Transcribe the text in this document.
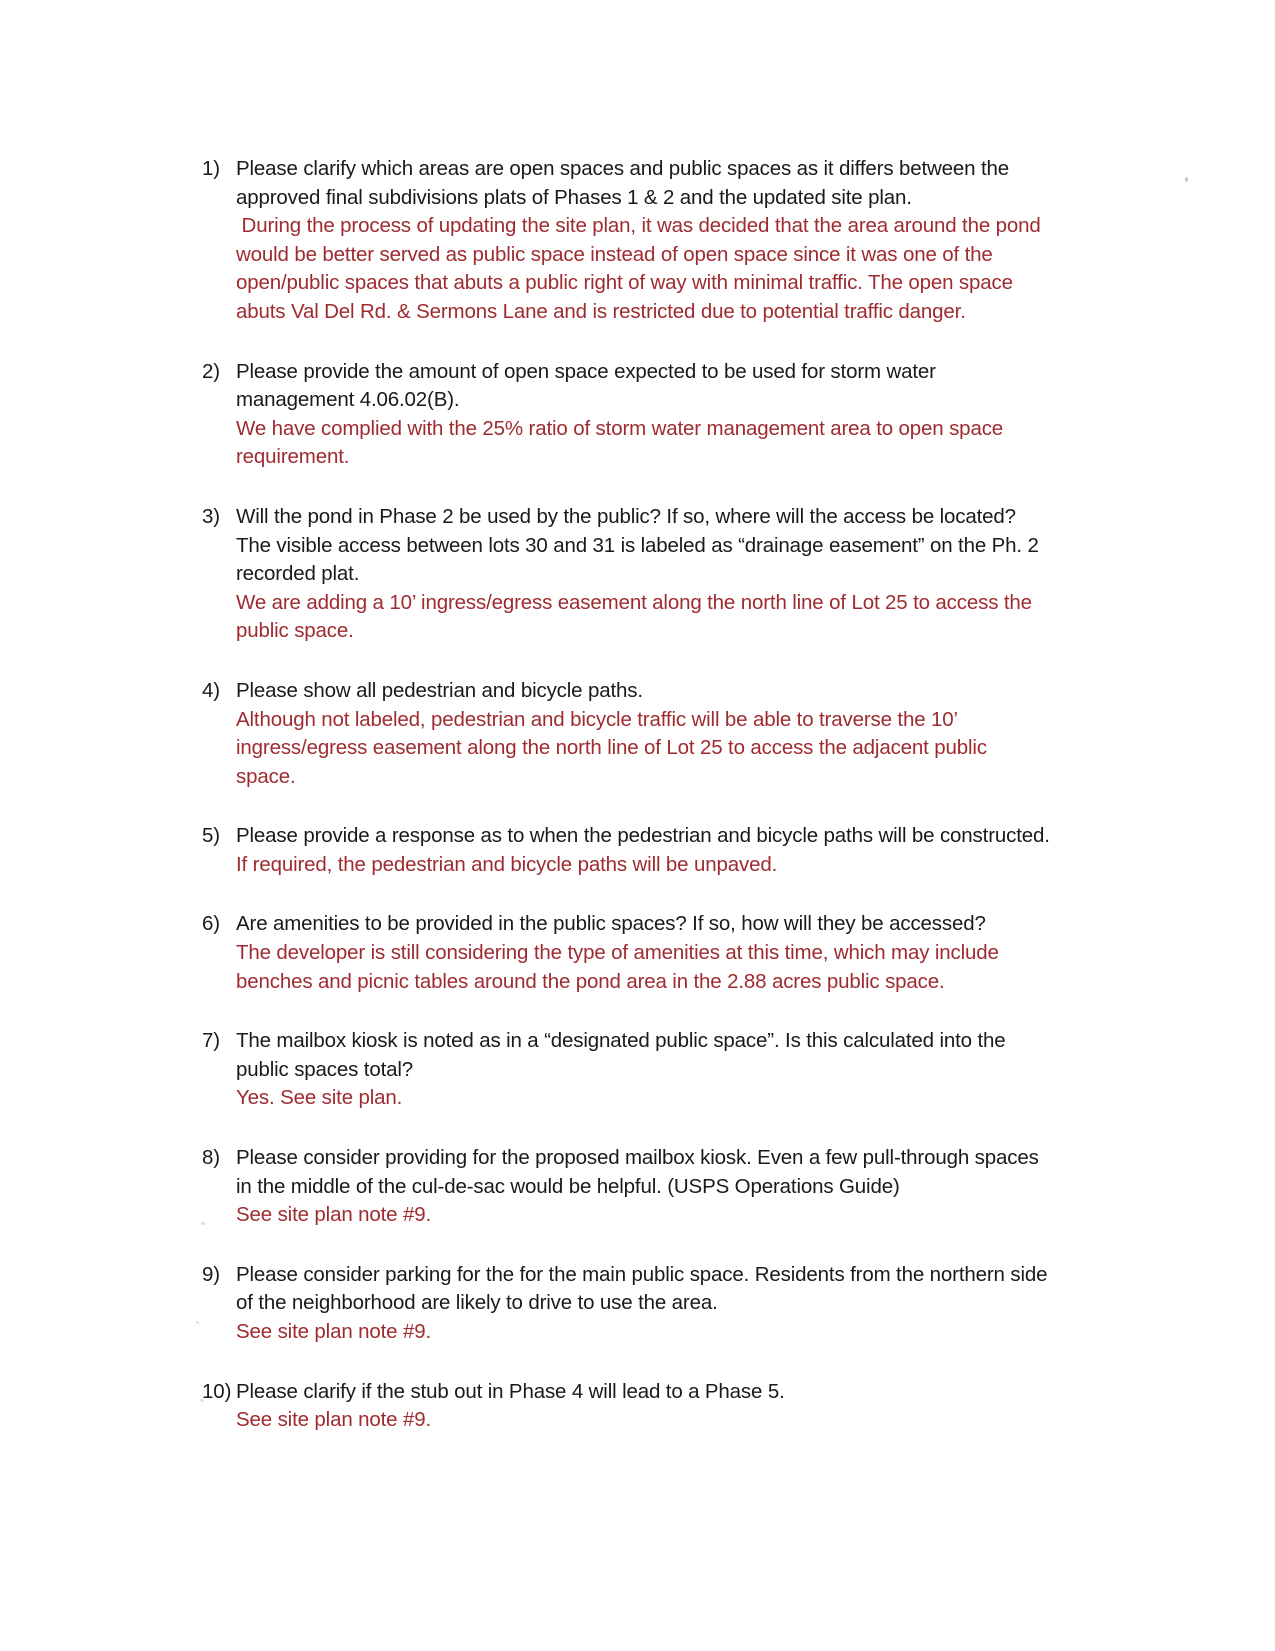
1) Please clarify which areas are open spaces and public spaces as it differs between the approved final subdivisions plats of Phases 1 & 2 and the updated site plan.

During the process of updating the site plan, it was decided that the area around the pond would be better served as public space instead of open space since it was one of the open/public spaces that abuts a public right of way with minimal traffic. The open space abuts Val Del Rd. & Sermons Lane and is restricted due to potential traffic danger.

2) Please provide the amount of open space expected to be used for storm water management 4.06.02(B).

We have complied with the 25% ratio of storm water management area to open space requirement.

3) Will the pond in Phase 2 be used by the public? If so, where will the access be located? The visible access between lots 30 and 31 is labeled as “drainage easement” on the Ph. 2 recorded plat.

We are adding a 10’ ingress/egress easement along the north line of Lot 25 to access the public space.

4) Please show all pedestrian and bicycle paths.

Although not labeled, pedestrian and bicycle traffic will be able to traverse the 10’ ingress/egress easement along the north line of Lot 25 to access the adjacent public space.

5) Please provide a response as to when the pedestrian and bicycle paths will be constructed.

If required, the pedestrian and bicycle paths will be unpaved.

6) Are amenities to be provided in the public spaces? If so, how will they be accessed?

The developer is still considering the type of amenities at this time, which may include benches and picnic tables around the pond area in the 2.88 acres public space.

7) The mailbox kiosk is noted as in a “designated public space”. Is this calculated into the public spaces total?

Yes. See site plan.

8) Please consider providing for the proposed mailbox kiosk. Even a few pull-through spaces in the middle of the cul-de-sac would be helpful. (USPS Operations Guide)

See site plan note #9.

9) Please consider parking for the for the main public space. Residents from the northern side of the neighborhood are likely to drive to use the area.

See site plan note #9.

10) Please clarify if the stub out in Phase 4 will lead to a Phase 5.

See site plan note #9.
